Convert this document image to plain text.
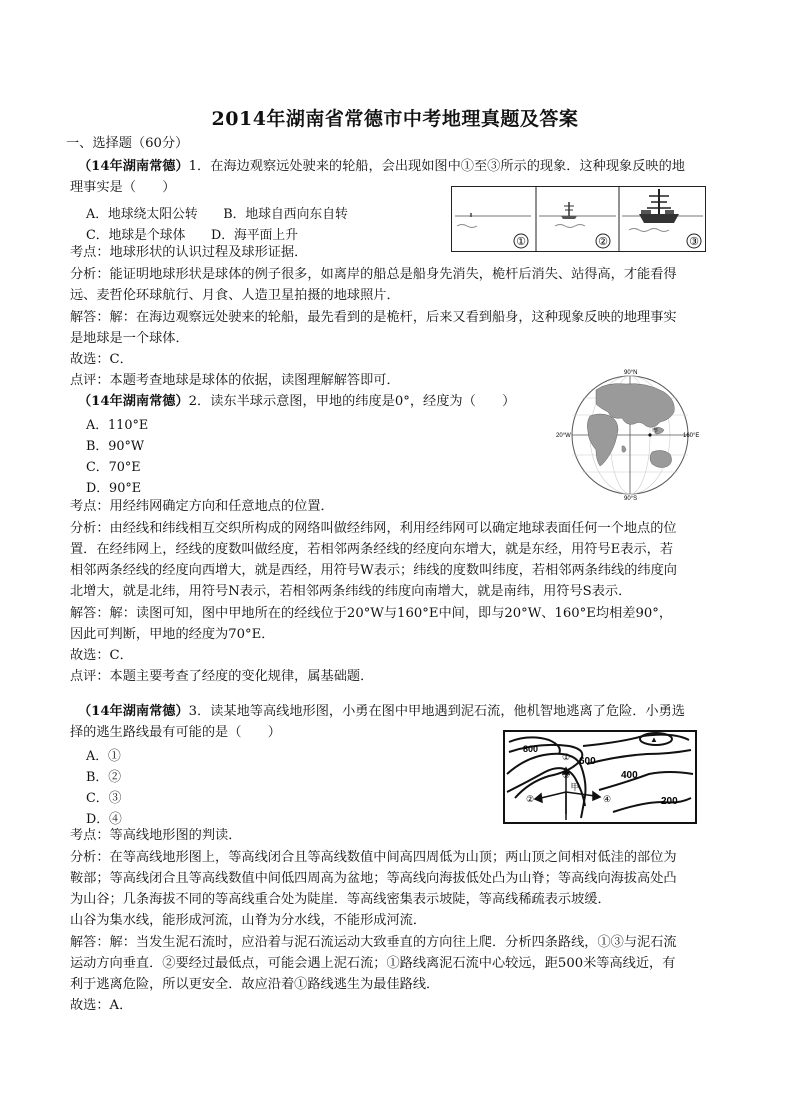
2014年湖南省常德市中考地理真题及答案
一、选择题（60分）
（14年湖南常德）1．在海边观察远处驶来的轮船，会出现如图中①至③所示的现象．这种现象反映的地
理事实是（　　）
A．地球绕太阳公转　　B．地球自西向东自转
C．地球是个球体　　D．海平面上升	①	②	③
考点：地球形状的认识过程及球形证据．
分析：能证明地球形状是球体的例子很多，如离岸的船总是船身先消失，桅杆后消失、站得高，才能看得
远、麦哲伦环球航行、月食、人造卫星拍摄的地球照片．
解答：解：在海边观察远处驶来的轮船，最先看到的是桅杆，后来又看到船身，这种现象反映的地理事实
是地球是一个球体．
故选：C．
点评：本题考查地球是球体的依据，读图理解解答即可．
（14年湖南常德）2．读东半球示意图，甲地的纬度是0°，经度为（　　）
A．110°E
B．90°W
C．70°E
D．90°E
90°N
20°W	160°E
90°S
甲
考点：用经纬网确定方向和任意地点的位置．
分析：由经线和纬线相互交织所构成的网络叫做经纬网，利用经纬网可以确定地球表面任何一个地点的位
置．在经纬网上，经线的度数叫做经度，若相邻两条经线的经度向东增大，就是东经，用符号E表示，若
相邻两条经线的经度向西增大，就是西经，用符号W表示；纬线的度数叫纬度，若相邻两条纬线的纬度向
北增大，就是北纬，用符号N表示，若相邻两条纬线的纬度向南增大，就是南纬，用符号S表示．
解答：解：读图可知，图中甲地所在的经线位于20°W与160°E中间，即与20°W、160°E均相差90°，
因此可判断，甲地的经度为70°E．
故选：C．
点评：本题主要考查了经度的变化规律，属基础题．
（14年湖南常德）3．读某地等高线地形图，小勇在图中甲地遇到泥石流，他机智地逃离了危险．小勇选
择的逃生路线最有可能的是（　　）
A．①
B．②
C．③
D．④
800
600
400
200
①
②
③
④
甲
▲
考点：等高线地形图的判读．
分析：在等高线地形图上，等高线闭合且等高线数值中间高四周低为山顶；两山顶之间相对低洼的部位为
鞍部；等高线闭合且等高线数值中间低四周高为盆地；等高线向海拔低处凸为山脊；等高线向海拔高处凸
为山谷；几条海拔不同的等高线重合处为陡崖．等高线密集表示坡陡，等高线稀疏表示坡缓．
山谷为集水线，能形成河流，山脊为分水线，不能形成河流．
解答：解：当发生泥石流时，应沿着与泥石流运动大致垂直的方向往上爬．分析四条路线，①③与泥石流
运动方向垂直．②要经过最低点，可能会遇上泥石流；①路线离泥石流中心较远，距500米等高线近，有
利于逃离危险，所以更安全．故应沿着①路线逃生为最佳路线．
故选：A．
